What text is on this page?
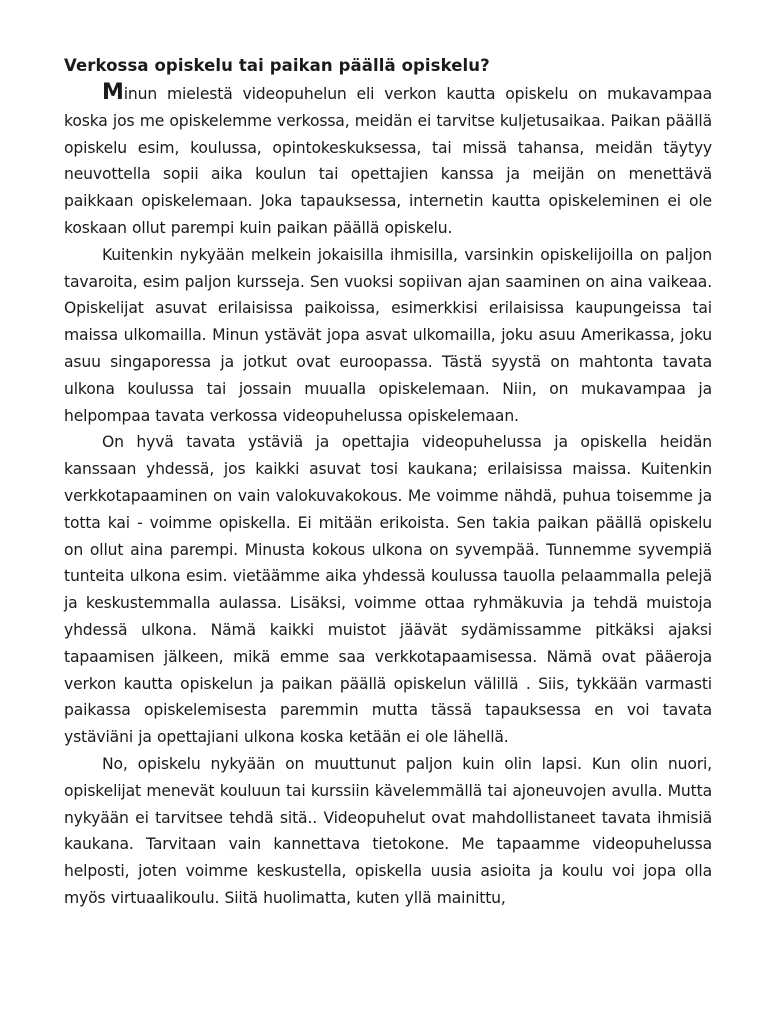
Verkossa opiskelu tai paikan päällä opiskelu?

Minun mielestä videopuhelun eli verkon kautta opiskelu on mukavampaa koska jos me opiskelemme verkossa, meidän ei tarvitse kuljetusaikaa. Paikan päällä opiskelu esim, koulussa, opintokeskuksessa, tai missä tahansa, meidän täytyy neuvottella sopii aika koulun tai opettajien kanssa ja meijän on menettävä paikkaan opiskelemaan. Joka tapauksessa, internetin kautta opiskeleminen ei ole koskaan ollut parempi kuin paikan päällä opiskelu.

Kuitenkin nykyään melkein jokaisilla ihmisilla, varsinkin opiskelijoilla on paljon tavaroita, esim paljon kursseja. Sen vuoksi sopiivan ajan saaminen on aina vaikeaa. Opiskelijat asuvat erilaisissa paikoissa, esimerkkisi erilaisissa kaupungeissa tai maissa ulkomailla. Minun ystävät jopa asvat ulkomailla, joku asuu Amerikassa, joku asuu singaporessa ja jotkut ovat euroopassa. Tästä syystä on mahtonta tavata ulkona koulussa tai jossain muualla opiskelemaan. Niin, on mukavampaa ja helpompaa tavata verkossa videopuhelussa opiskelemaan.

On hyvä tavata ystäviä ja opettajia videopuhelussa ja opiskella heidän kanssaan yhdessä, jos kaikki asuvat tosi kaukana; erilaisissa maissa. Kuitenkin verkkotapaaminen on vain valokuvakokous. Me voimme nähdä, puhua toisemme ja totta kai - voimme opiskella. Ei mitään erikoista. Sen takia paikan päällä opiskelu on ollut aina parempi. Minusta kokous ulkona on syvempää. Tunnemme syvempiä tunteita ulkona esim. vietäämme aika yhdessä koulussa tauolla pelaammalla pelejä ja keskustemmalla aulassa. Lisäksi, voimme ottaa ryhmäkuvia ja tehdä muistoja yhdessä ulkona. Nämä kaikki muistot jäävät sydämissamme pitkäksi ajaksi tapaamisen jälkeen, mikä emme saa verkkotapaamisessa. Nämä ovat pääeroja verkon kautta opiskelun ja paikan päällä opiskelun välillä . Siis, tykkään varmasti paikassa opiskelemisesta paremmin mutta tässä tapauksessa en voi tavata ystäviäni ja opettajiani ulkona koska ketään ei ole lähellä.

No, opiskelu nykyään on muuttunut paljon kuin olin lapsi. Kun olin nuori, opiskelijat menevät kouluun tai kurssiin kävelemmällä tai ajoneuvojen avulla. Mutta nykyään ei tarvitsee tehdä sitä.. Videopuhelut ovat mahdollistaneet tavata ihmisiä kaukana. Tarvitaan vain kannettava tietokone. Me tapaamme videopuhelussa helposti, joten voimme keskustella, opiskella uusia asioita ja koulu voi jopa olla myös virtuaalikoulu. Siitä huolimatta, kuten yllä mainittu,
